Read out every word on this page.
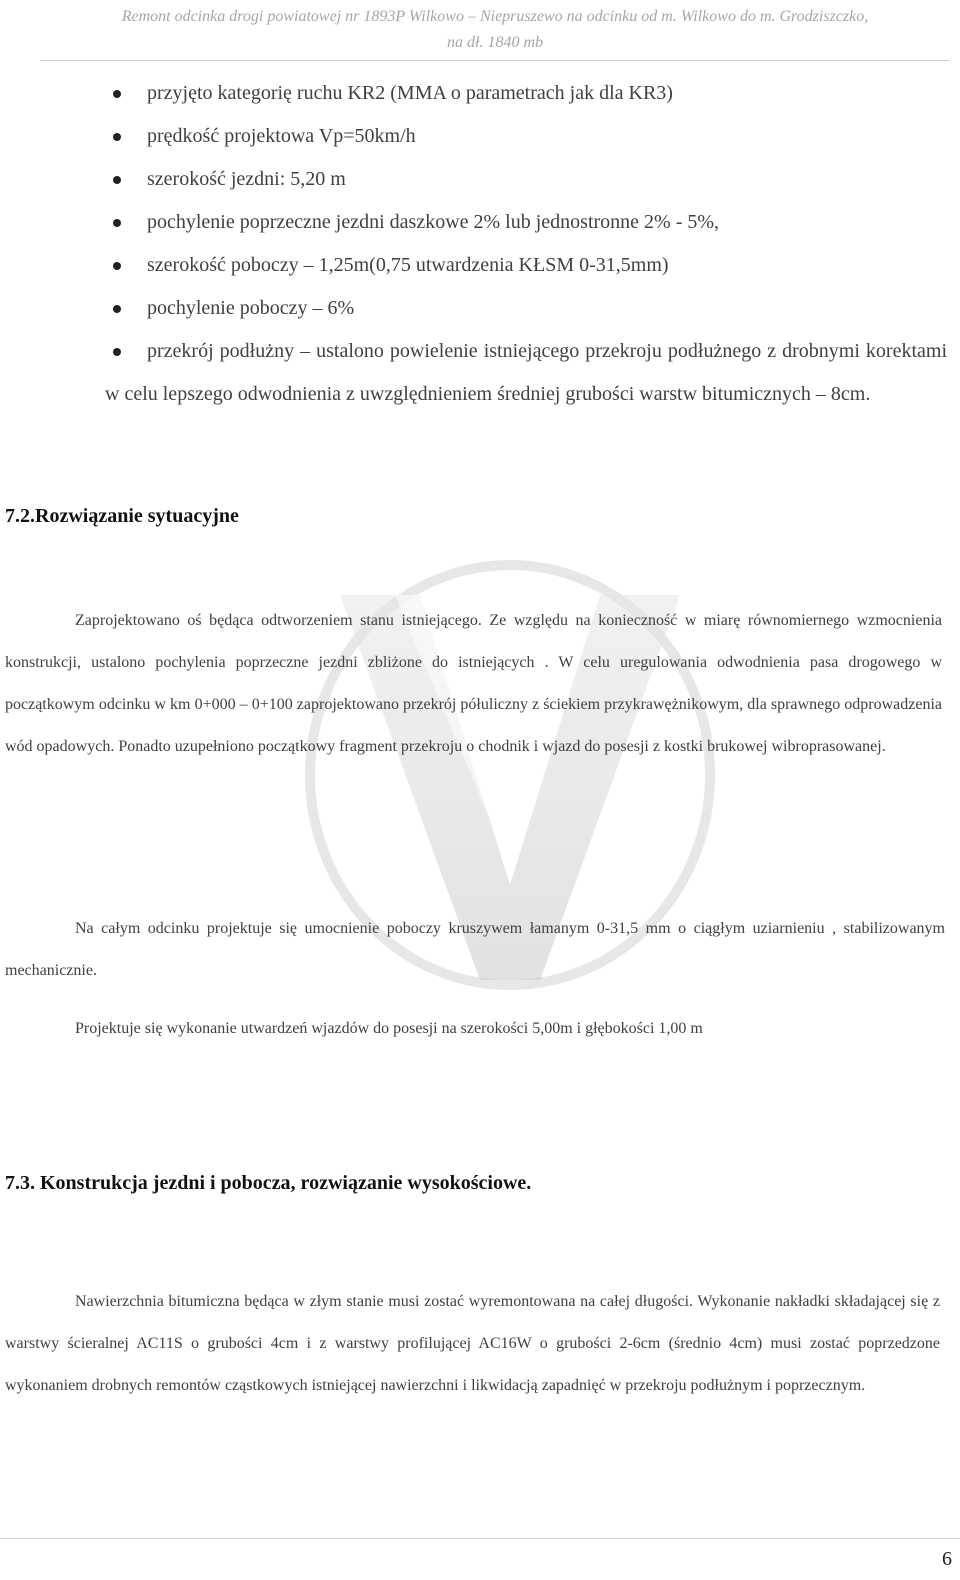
Remont odcinka drogi powiatowej nr 1893P Wilkowo – Niepruszewo na odcinku od m. Wilkowo do m. Grodziszczko,
na dł. 1840 mb
przyjęto kategorię ruchu KR2 (MMA o parametrach jak dla KR3)
prędkość projektowa Vp=50km/h
szerokość jezdni: 5,20 m
pochylenie poprzeczne jezdni daszkowe 2% lub jednostronne 2% - 5%,
szerokość poboczy – 1,25m(0,75 utwardzenia KŁSM 0-31,5mm)
pochylenie poboczy – 6%
przekrój podłużny – ustalono powielenie istniejącego przekroju podłużnego z drobnymi korektami w celu lepszego odwodnienia z uwzględnieniem średniej grubości warstw bitumicznych – 8cm.
7.2.Rozwiązanie sytuacyjne

Zaprojektowano oś będąca odtworzeniem stanu istniejącego. Ze względu na konieczność w miarę równomiernego wzmocnienia konstrukcji, ustalono pochylenia poprzeczne jezdni zbliżone do istniejących . W celu uregulowania odwodnienia pasa drogowego w początkowym odcinku w km 0+000 – 0+100 zaprojektowano przekrój półuliczny z ściekiem przykrawężnikowym, dla sprawnego odprowadzenia wód opadowych. Ponadto uzupełniono początkowy fragment przekroju o chodnik i wjazd do posesji z kostki brukowej wibroprasowanej.

Na całym odcinku projektuje się umocnienie poboczy kruszywem łamanym 0-31,5 mm o ciągłym uziarnieniu , stabilizowanym mechanicznie.

Projektuje się wykonanie utwardzeń wjazdów do posesji na szerokości 5,00m i głębokości 1,00 m

7.3. Konstrukcja jezdni i pobocza, rozwiązanie wysokościowe.

Nawierzchnia bitumiczna będąca w złym stanie musi zostać wyremontowana na całej długości. Wykonanie nakładki składającej się z warstwy ścieralnej AC11S o grubości 4cm i z warstwy profilującej AC16W o grubości 2-6cm (średnio 4cm) musi zostać poprzedzone wykonaniem drobnych remontów cząstkowych istniejącej nawierzchni i likwidacją zapadnięć w przekroju podłużnym i poprzecznym.

6
